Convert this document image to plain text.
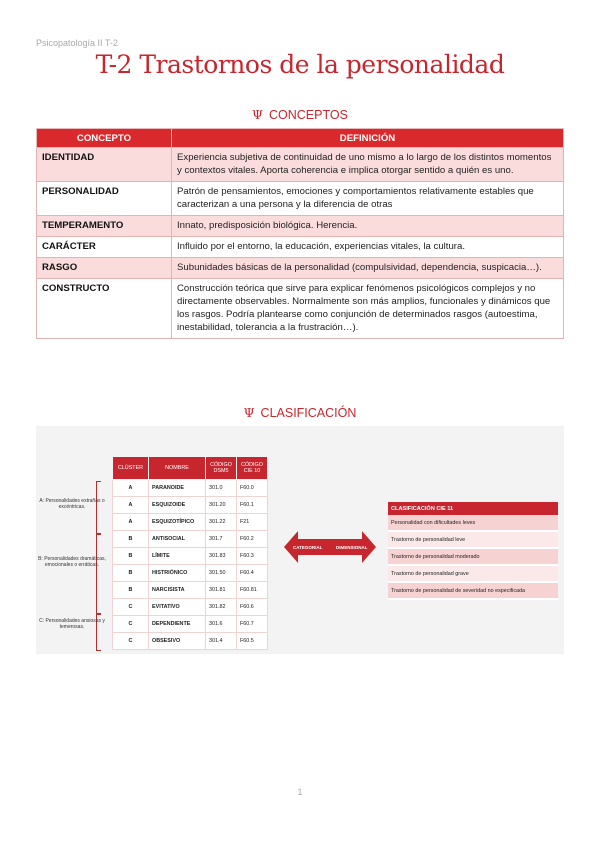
Psicopatología II T-2
T-2 Trastornos de la personalidad
Ψ CONCEPTOS
CONCEPTO	DEFINICIÓN
IDENTIDAD	Experiencia subjetiva de continuidad de uno mismo a lo largo de los distintos momentos y contextos vitales. Aporta coherencia e implica otorgar sentido a quién es uno.
PERSONALIDAD	Patrón de pensamientos, emociones y comportamientos relativamente estables que caracterizan a una persona y la diferencia de otras
TEMPERAMENTO	Innato, predisposición biológica. Herencia.
CARÁCTER	Influido por el entorno, la educación, experiencias vitales, la cultura.
RASGO	Subunidades básicas de la personalidad (compulsividad, dependencia, suspicacia…).
CONSTRUCTO	Construcción teórica que sirve para explicar fenómenos psicológicos complejos y no directamente observables. Normalmente son más amplios, funcionales y dinámicos que los rasgos. Podría plantearse como conjunción de determinados rasgos (autoestima, inestabilidad, tolerancia a la frustración…).
Ψ CLASIFICACIÓN
A: Personalidades extrañas o excéntricas.
B: Personalidades dramáticas, emocionales o erráticas.
C: Personalidades ansiosas y temerosas.
CLÚSTER	NOMBRE	CÓDIGO DSM5	CÓDIGO CIE 10
A	PARANOIDE	301.0	F60.0
A	ESQUIZOIDE	301.20	F60.1
A	ESQUIZOTÍPICO	301.22	F21
B	ANTISOCIAL	301.7	F60.2
B	LÍMITE	301.83	F60.3
B	HISTRIÓNICO	301.50	F60.4
B	NARCISISTA	301.81	F60.81
C	EVITATIVO	301.82	F60.6
C	DEPENDIENTE	301.6	F60.7
C	OBSESIVO	301.4	F60.5
CATEGORIAL	DIMENSIONAL
CLASIFICACIÓN CIE 11
Personalidad con dificultades leves
Trastorno de personalidad leve
Trastorno de personalidad moderado
Trastorno de personalidad grave
Trastorno de personalidad de severidad no especificada
1
